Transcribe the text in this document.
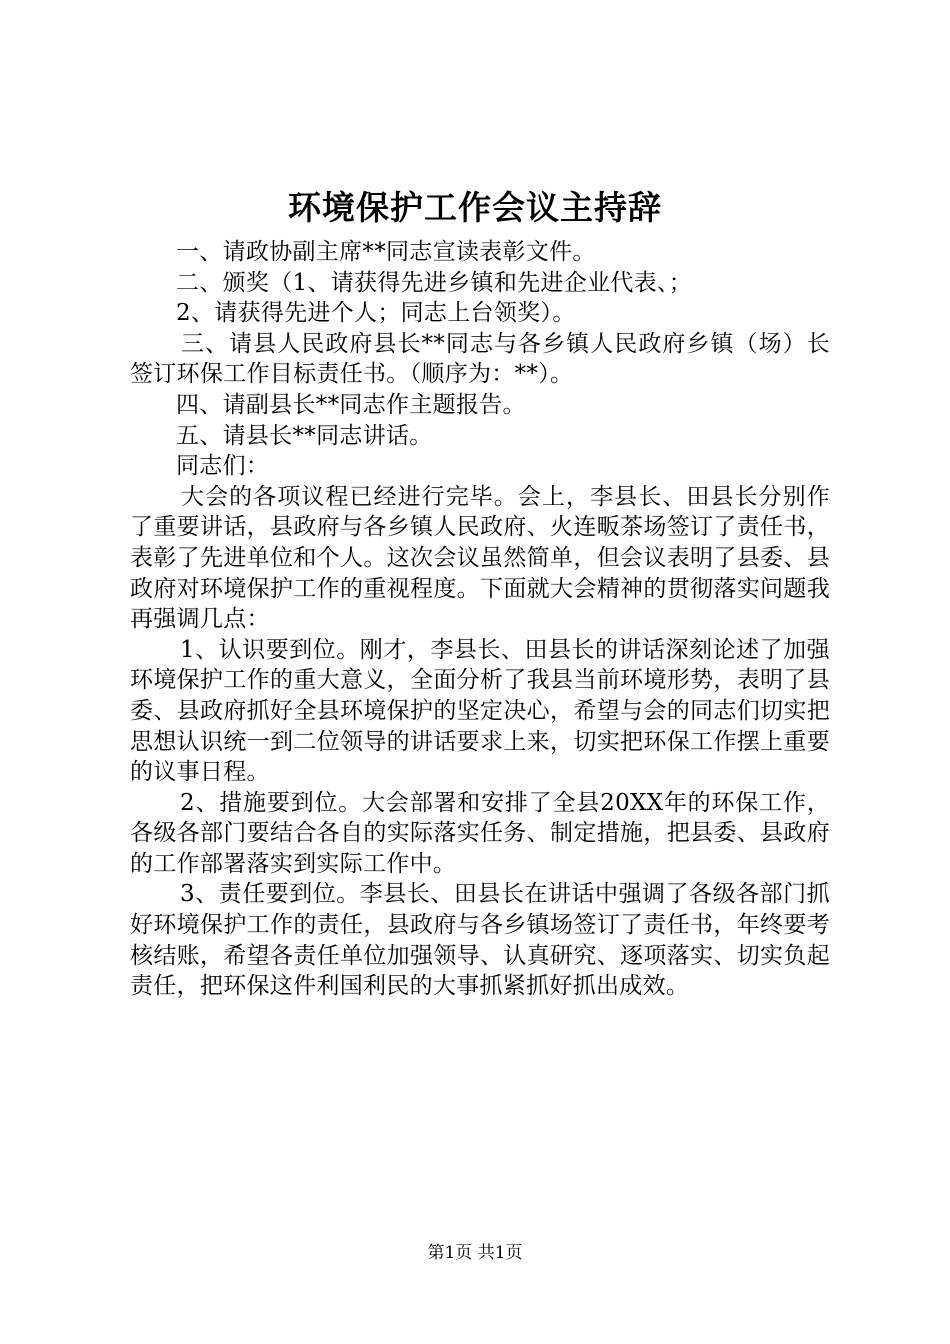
环境保护工作会议主持辞

一、请政协副主席**同志宣读表彰文件。

二、颁奖（1、请获得先进乡镇和先进企业代表、；

2、请获得先进个人；同志上台领奖）。

三、请县人民政府县长**同志与各乡镇人民政府乡镇（场）长签订环保工作目标责任书。（顺序为：**）。

四、请副县长**同志作主题报告。

五、请县长**同志讲话。

同志们：

大会的各项议程已经进行完毕。会上，李县长、田县长分别作了重要讲话，县政府与各乡镇人民政府、火连畈茶场签订了责任书，表彰了先进单位和个人。这次会议虽然简单，但会议表明了县委、县政府对环境保护工作的重视程度。下面就大会精神的贯彻落实问题我再强调几点：

1、认识要到位。刚才，李县长、田县长的讲话深刻论述了加强环境保护工作的重大意义，全面分析了我县当前环境形势，表明了县委、县政府抓好全县环境保护的坚定决心，希望与会的同志们切实把思想认识统一到二位领导的讲话要求上来，切实把环保工作摆上重要的议事日程。

2、措施要到位。大会部署和安排了全县20XX年的环保工作，各级各部门要结合各自的实际落实任务、制定措施，把县委、县政府的工作部署落实到实际工作中。

3、责任要到位。李县长、田县长在讲话中强调了各级各部门抓好环境保护工作的责任，县政府与各乡镇场签订了责任书，年终要考核结账，希望各责任单位加强领导、认真研究、逐项落实、切实负起责任，把环保这件利国利民的大事抓紧抓好抓出成效。

第1页 共1页
